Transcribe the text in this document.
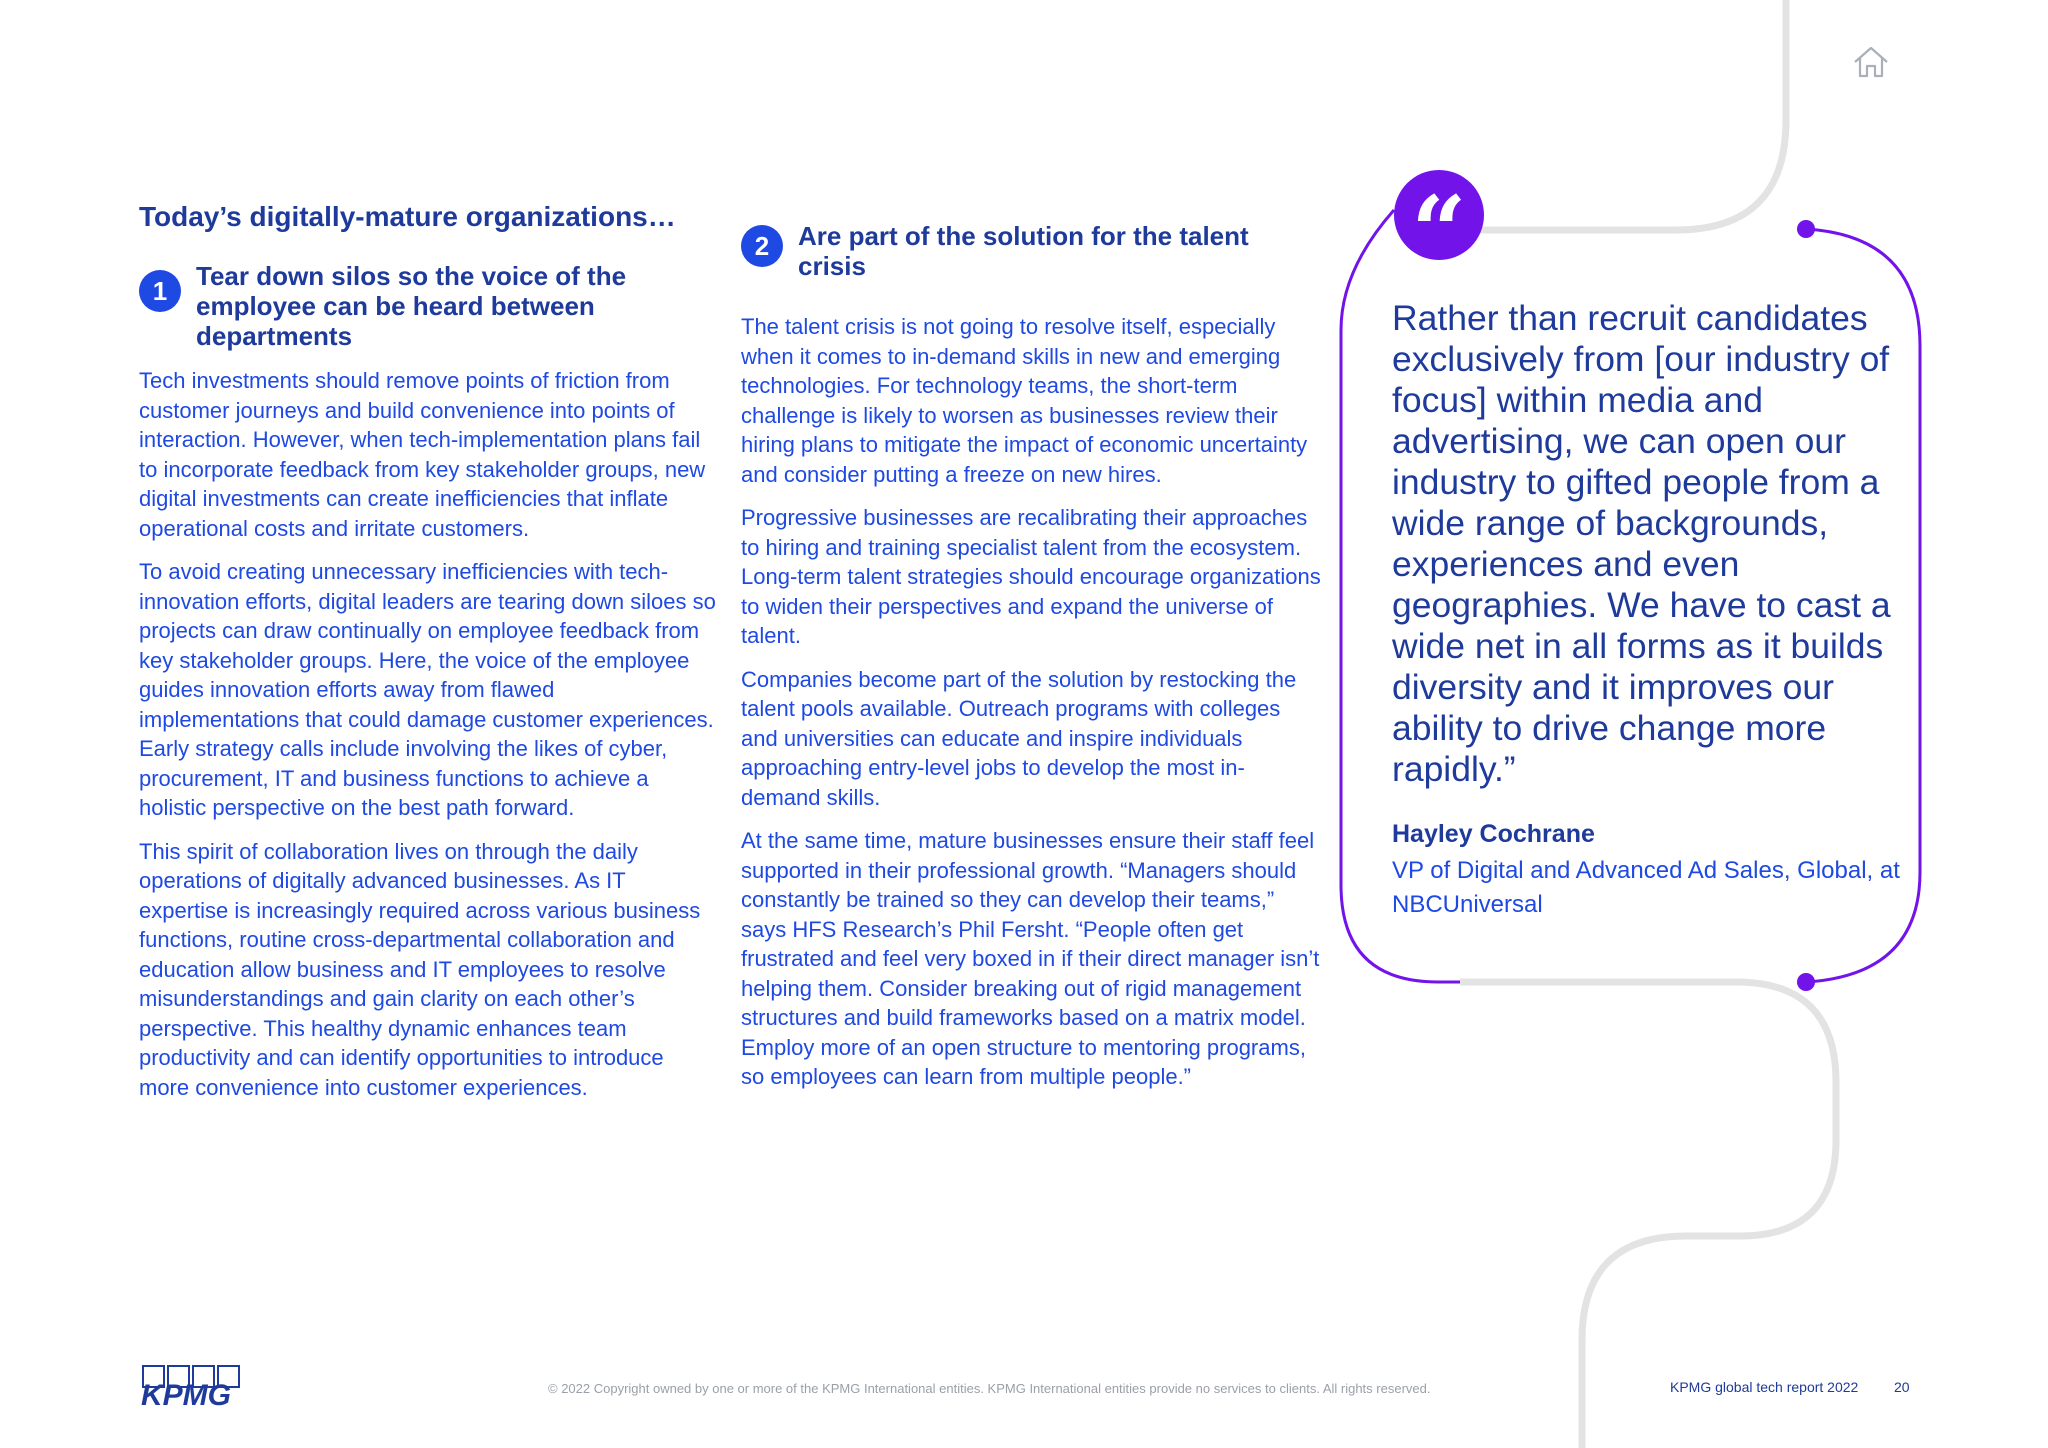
Today’s digitally-mature organizations…
1	Tear down silos so the voice of the employee can be heard between departments

Tech investments should remove points of friction from customer journeys and build convenience into points of interaction. However, when tech-implementation plans fail to incorporate feedback from key stakeholder groups, new digital investments can create inefficiencies that inflate operational costs and irritate customers.

To avoid creating unnecessary inefficiencies with tech-innovation efforts, digital leaders are tearing down siloes so projects can draw continually on employee feedback from key stakeholder groups. Here, the voice of the employee guides innovation efforts away from flawed implementations that could damage customer experiences. Early strategy calls include involving the likes of cyber, procurement, IT and business functions to achieve a holistic perspective on the best path forward.

This spirit of collaboration lives on through the daily operations of digitally advanced businesses. As IT expertise is increasingly required across various business functions, routine cross-departmental collaboration and education allow business and IT employees to resolve misunderstandings and gain clarity on each other’s perspective. This healthy dynamic enhances team productivity and can identify opportunities to introduce more convenience into customer experiences.

2	Are part of the solution for the talent crisis

The talent crisis is not going to resolve itself, especially when it comes to in-demand skills in new and emerging technologies. For technology teams, the short-term challenge is likely to worsen as businesses review their hiring plans to mitigate the impact of economic uncertainty and consider putting a freeze on new hires.

Progressive businesses are recalibrating their approaches to hiring and training specialist talent from the ecosystem. Long-term talent strategies should encourage organizations to widen their perspectives and expand the universe of talent.

Companies become part of the solution by restocking the talent pools available. Outreach programs with colleges and universities can educate and inspire individuals approaching entry-level jobs to develop the most in-demand skills.

At the same time, mature businesses ensure their staff feel supported in their professional growth. “Managers should constantly be trained so they can develop their teams,” says HFS Research’s Phil Fersht. “People often get frustrated and feel very boxed in if their direct manager isn’t helping them. Consider breaking out of rigid management structures and build frameworks based on a matrix model. Employ more of an open structure to mentoring programs, so employees can learn from multiple people.”

“

Rather than recruit candidates exclusively from [our industry of focus] within media and advertising, we can open our industry to gifted people from a wide range of backgrounds, experiences and even geographies. We have to cast a wide net in all forms as it builds diversity and it improves our ability to drive change more rapidly.”

Hayley Cochrane
VP of Digital and Advanced Ad Sales, Global, at NBCUniversal
KPMG	© 2022 Copyright owned by one or more of the KPMG International entities. KPMG International entities provide no services to clients. All rights reserved.	KPMG global tech report 2022	20
